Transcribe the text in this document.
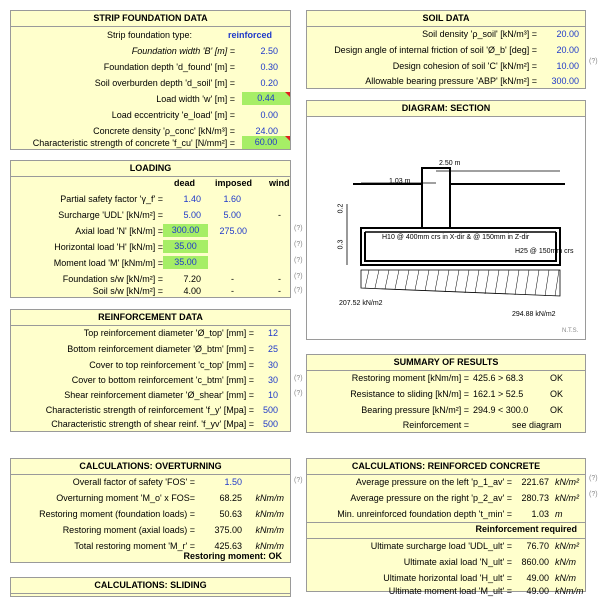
STRIP FOUNDATION DATA
Strip foundation type:	reinforced
Foundation width 'B' [m] =	2.50
Foundation depth 'd_found' [m] =	0.30
Soil overburden depth 'd_soil' [m] =	0.20
Load width 'w' [m] =	0.44
Load eccentricity 'e_load' [m] =	0.00
Concrete density 'ρ_conc' [kN/m³] = 24.00
Characteristic strength of concrete 'f_cu' [N/mm²] =	60.00
SOIL DATA
Soil density 'ρ_soil' [kN/m³] = 20.00
Design angle of internal friction of soil 'Ø_b' [deg] = 20.00
Design cohesion of soil 'C' [kN/m²] = 10.00
Allowable bearing pressure 'ABP' [kN/m²] = 300.00
(?)
LOADING
dead imposed wind
Partial safety factor 'γ_f' =	1.40	1.60
Surcharge 'UDL' [kN/m²] =	5.00	5.00	-
Axial load 'N' [kN/m] = 300.00	275.00
Horizontal load 'H' [kN/m] =	35.00
Moment load 'M' [kNm/m] =	35.00
Foundation s/w [kN/m²] =	7.20	-	-
Soil s/w [kN/m²] =	4.00	-	-
(?)
(?)
(?)
(?)
(?)
DIAGRAM: SECTION
2.50 m
1.03 m
0.2
0.3
H10 @ 400mm crs in X-dir & @ 150mm in Z-dir
H25 @ 150mm crs
207.52 kN/m2
294.88 kN/m2
N.T.S.
REINFORCEMENT DATA
Top reinforcement diameter 'Ø_top' [mm] = 12
Bottom reinforcement diameter 'Ø_btm' [mm] = 25
Cover to top reinforcement 'c_top' [mm] = 30
Cover to bottom reinforcement 'c_btm' [mm] = 30
Shear reinforcement diameter 'Ø_shear' [mm] = 10
Characteristic strength of reinforcement 'f_y' [Mpa] = 500
Characteristic strength of shear reinf. 'f_yv' [Mpa] = 500
(?)
(?)
SUMMARY OF RESULTS
Restoring moment [kNm/m] = 425.6 > 68.3	OK
Resistance to sliding [kN/m] = 162.1 > 52.5	OK
Bearing pressure [kN/m²] = 294.9 < 300.0 OK
Reinforcement =	see diagram
CALCULATIONS: OVERTURNING
Overall factor of safety 'FOS' =	1.50
Overturning moment 'M_o' x FOS=	68.25 kNm/m
Restoring moment (foundation loads) =	50.63 kNm/m
Restoring moment (axial loads) = 375.00 kNm/m
Total restoring moment 'M_r' = 425.63 kNm/m
Restoring moment: OK
(?)
CALCULATIONS: REINFORCED CONCRETE
Average pressure on the left 'p_1_av' = 221.67 kN/m²
Average pressure on the right 'p_2_av' = 280.73 kN/m²
Min. unreinforced foundation depth 't_min' = 1.03 m
Reinforcement required
Ultimate surcharge load 'UDL_ult' = 76.70 kN/m²
Ultimate axial load 'N_ult' = 860.00 kN/m
Ultimate horizontal load 'H_ult' = 49.00 kN/m
Ultimate moment load 'M_ult' = 49.00 kNm/m
(?)
(?)
CALCULATIONS: SLIDING
